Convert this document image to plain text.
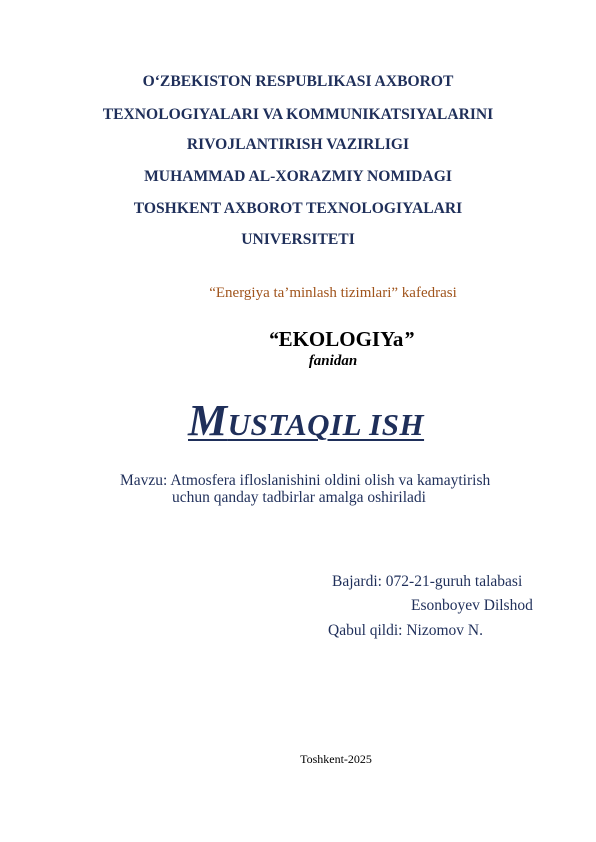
O‘ZBEKISTON RESPUBLIKASI AXBOROT
TEXNOLOGIYALARI VA KOMMUNIKATSIYALARINI
RIVOJLANTIRISH VAZIRLIGI
MUHAMMAD AL-XORAZMIY NOMIDAGI
TOSHKENT AXBOROT TEXNOLOGIYALARI
UNIVERSITETI
“Energiya ta’minlash tizimlari” kafedrasi
“EKOLOGIYa”
fanidan
MUSTAQIL ISH
Mavzu: Atmosfera ifloslanishini oldini olish va kamaytirish
uchun qanday tadbirlar amalga oshiriladi
Bajardi: 072-21-guruh talabasi
Esonboyev Dilshod
Qabul qildi: Nizomov N.
Toshkent-2025
